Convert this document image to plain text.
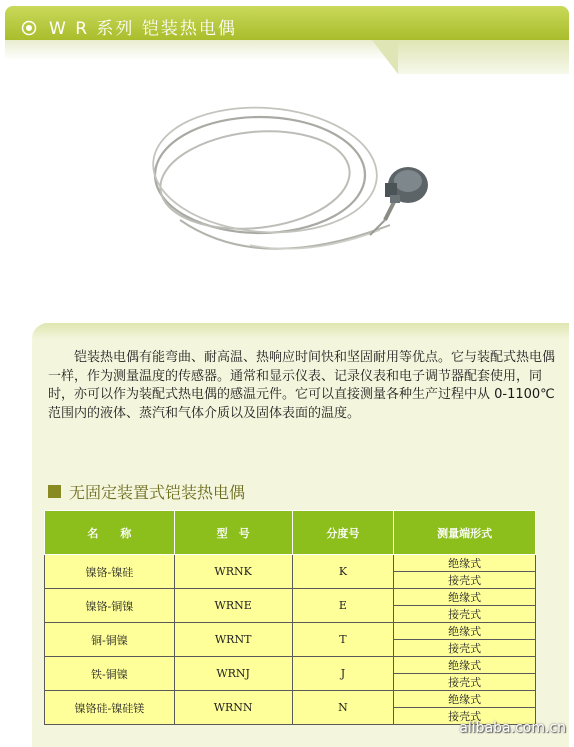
W R 系列 铠装热电偶

铠装热电偶有能弯曲、耐高温、热响应时间快和坚固耐用等优点。它与装配式热电偶一样，作为测量温度的传感器。通常和显示仪表、记录仪表和电子调节器配套使用，同时，亦可以作为装配式热电偶的感温元件。它可以直接测量各种生产过程中从 0-1100℃范围内的液体、蒸汽和气体介质以及固体表面的温度。

无固定装置式铠装热电偶
名　　称	型　号	分度号	测量端形式
镍铬-镍硅	WRNK	K	绝缘式
			接壳式
镍铬-铜镍	WRNE	E	绝缘式
			接壳式
铜-铜镍	WRNT	T	绝缘式
			接壳式
铁-铜镍	WRNJ	J	绝缘式
			接壳式
镍铬硅-镍硅镁	WRNN	N	绝缘式
			接壳式
alibaba.com.cn
